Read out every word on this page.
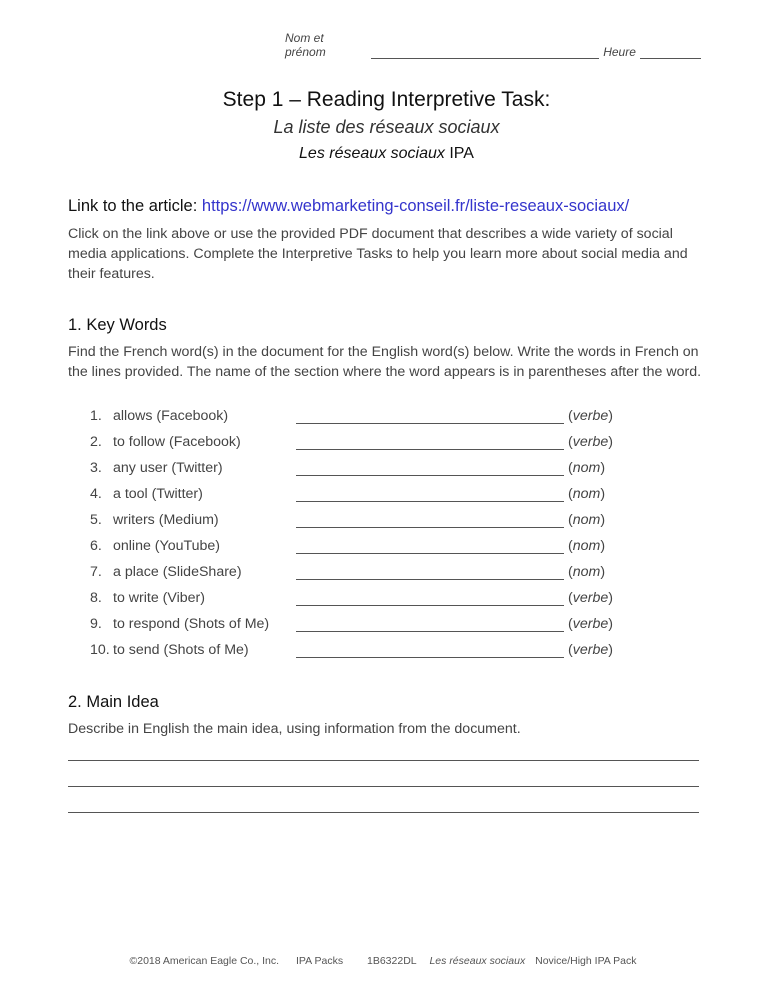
Nom et prénom	Heure
Step 1 – Reading Interpretive Task:
La liste des réseaux sociaux
Les réseaux sociaux IPA
Link to the article: https://www.webmarketing-conseil.fr/liste-reseaux-sociaux/
Click on the link above or use the provided PDF document that describes a wide variety of social media applications. Complete the Interpretive Tasks to help you learn more about social media and their features.
1. Key Words
Find the French word(s) in the document for the English word(s) below. Write the words in French on the lines provided. The name of the section where the word appears is in parentheses after the word.
1. allows (Facebook)	(verbe)
2. to follow (Facebook)	(verbe)
3. any user (Twitter)	(nom)
4. a tool (Twitter)	(nom)
5. writers (Medium)	(nom)
6. online (YouTube)	(nom)
7. a place (SlideShare)	(nom)
8. to write (Viber)	(verbe)
9. to respond (Shots of Me)	(verbe)
10. to send (Shots of Me)	(verbe)
2. Main Idea
Describe in English the main idea, using information from the document.
©2018 American Eagle Co., Inc. IPA Packs 1B6322DL Les réseaux sociaux Novice/High IPA Pack
